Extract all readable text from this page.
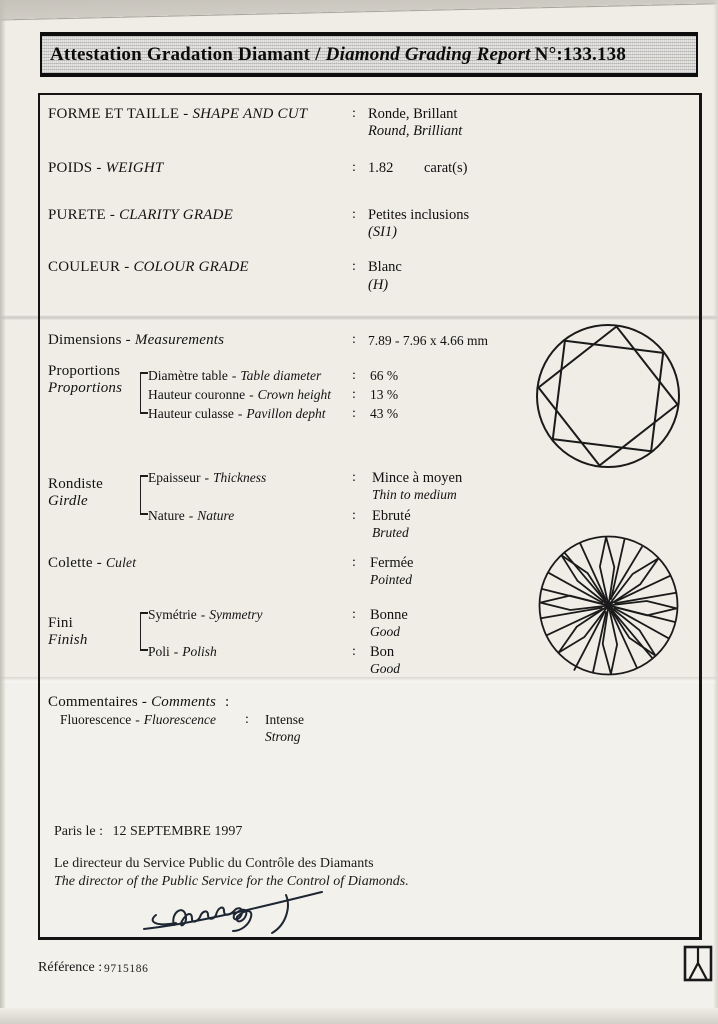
Attestation Gradation Diamant / Diamond Grading Report N°: 133.138
FORME ET TAILLE - SHAPE AND CUT	: Ronde, Brillant
Round, Brilliant
POIDS - WEIGHT	: 1.82 carat(s)
PURETE - CLARITY GRADE	: Petites inclusions
(SI1)
COULEUR - COLOUR GRADE	: Blanc
(H)
Dimensions - Measurements	: 7.89 - 7.96 x 4.66 mm
Proportions
Proportions
Diamètre table - Table diameter : 66 %
Hauteur couronne - Crown height : 13 %
Hauteur culasse - Pavillon depht : 43 %
Rondiste
Girdle
Epaisseur - Thickness	: Mince à moyen
Thin to medium
Nature - Nature	: Ebruté
Bruted
Colette - Culet	: Fermée
Pointed
Fini
Finish
Symétrie - Symmetry	: Bonne
Good
Poli - Polish	: Bon
Good
Commentaires - Comments :
Fluorescence - Fluorescence : Intense
Strong
Paris le : 12 SEPTEMBRE 1997
Le directeur du Service Public du Contrôle des Diamants
The director of the Public Service for the Control of Diamonds.
Référence : 9715186
